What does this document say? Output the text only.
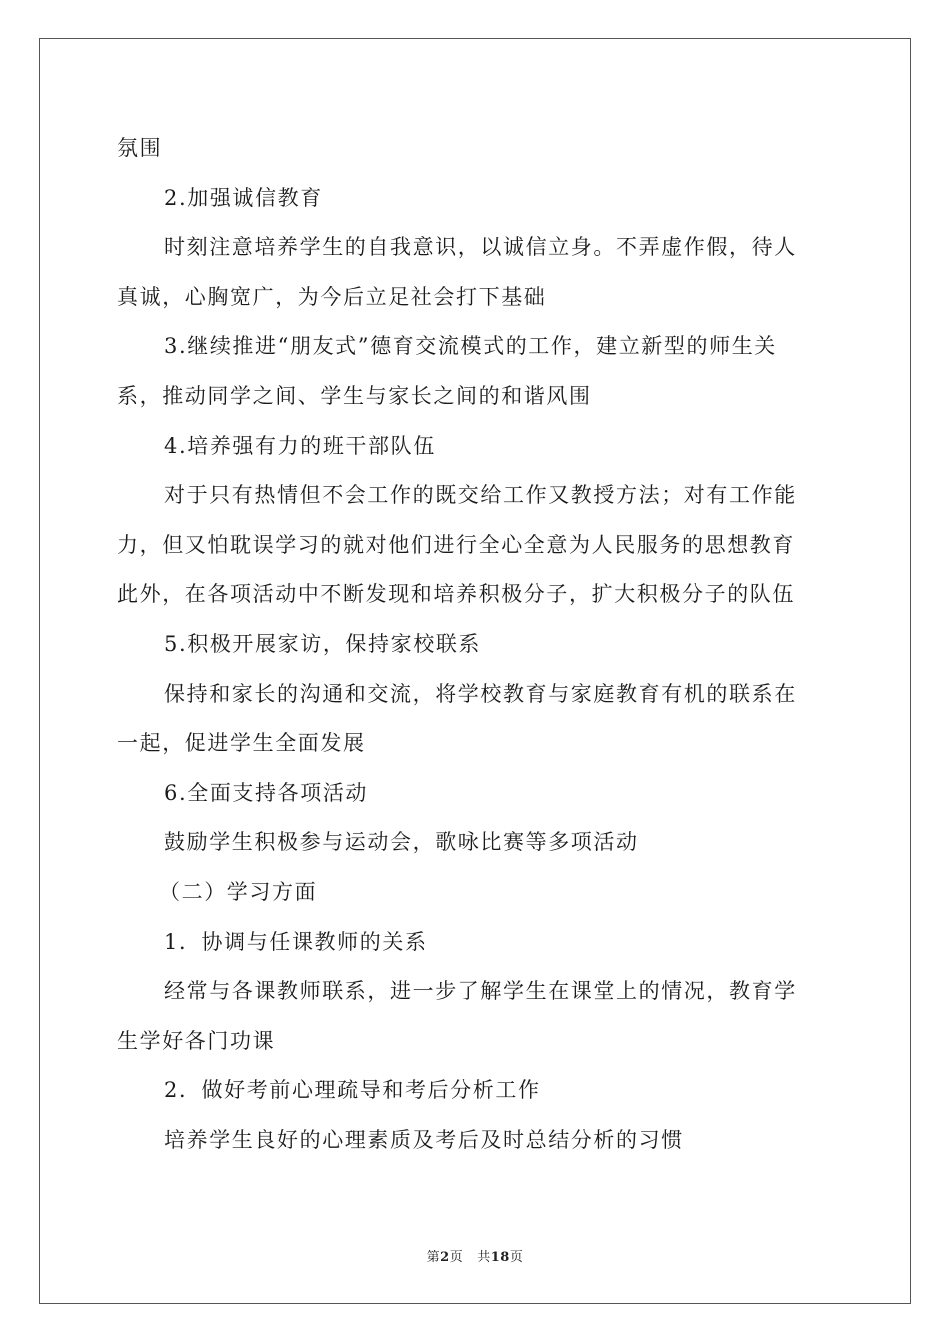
氛围
2.加强诚信教育
时刻注意培养学生的自我意识，以诚信立身。不弄虚作假，待人
真诚，心胸宽广，为今后立足社会打下基础
3.继续推进“朋友式”德育交流模式的工作，建立新型的师生关
系，推动同学之间、学生与家长之间的和谐风围
4.培养强有力的班干部队伍
对于只有热情但不会工作的既交给工作又教授方法；对有工作能
力，但又怕耽误学习的就对他们进行全心全意为人民服务的思想教育
此外，在各项活动中不断发现和培养积极分子，扩大积极分子的队伍
5.积极开展家访，保持家校联系
保持和家长的沟通和交流，将学校教育与家庭教育有机的联系在
一起，促进学生全面发展
6.全面支持各项活动
鼓励学生积极参与运动会，歌咏比赛等多项活动
（二）学习方面
1．协调与任课教师的关系
经常与各课教师联系，进一步了解学生在课堂上的情况，教育学
生学好各门功课
2．做好考前心理疏导和考后分析工作
培养学生良好的心理素质及考后及时总结分析的习惯
第2页 共18页
